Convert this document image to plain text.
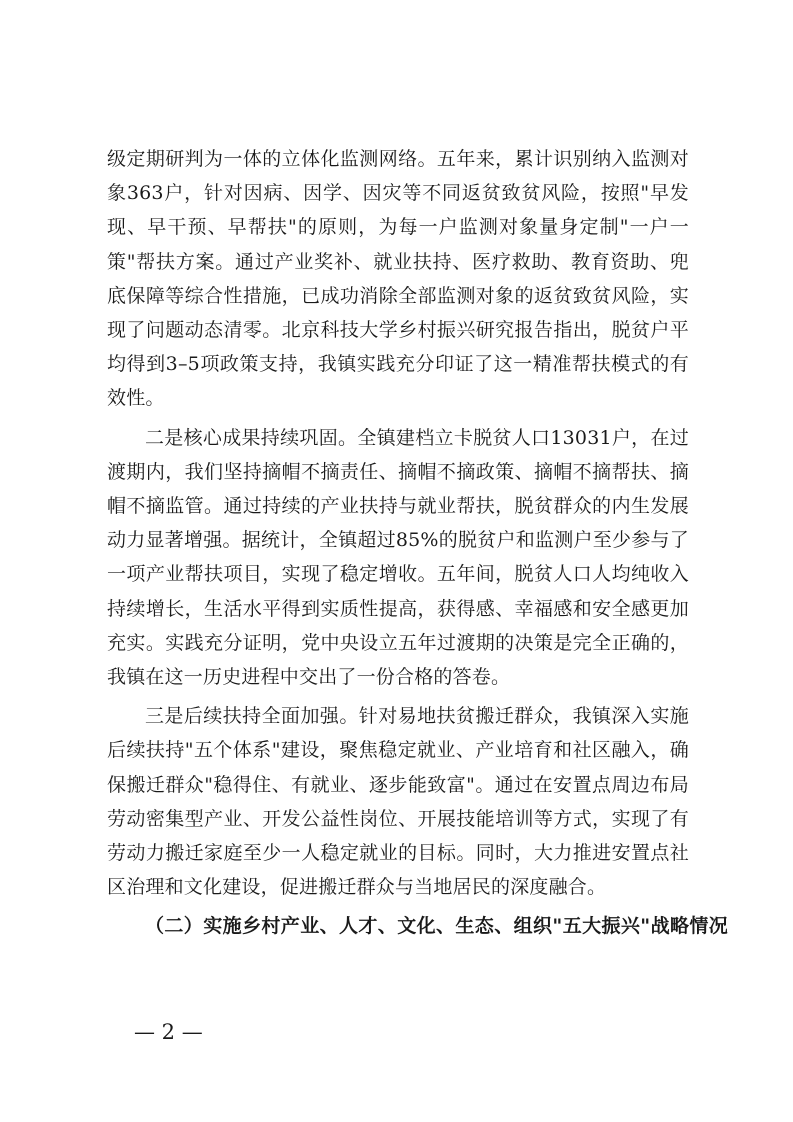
级定期研判为一体的立体化监测网络。五年来，累计识别纳入监测对象363户，针对因病、因学、因灾等不同返贫致贫风险，按照"早发现、早干预、早帮扶"的原则，为每一户监测对象量身定制"一户一策"帮扶方案。通过产业奖补、就业扶持、医疗救助、教育资助、兜底保障等综合性措施，已成功消除全部监测对象的返贫致贫风险，实现了问题动态清零。北京科技大学乡村振兴研究报告指出，脱贫户平均得到3–5项政策支持，我镇实践充分印证了这一精准帮扶模式的有效性。

二是核心成果持续巩固。全镇建档立卡脱贫人口13031户，在过渡期内，我们坚持摘帽不摘责任、摘帽不摘政策、摘帽不摘帮扶、摘帽不摘监管。通过持续的产业扶持与就业帮扶，脱贫群众的内生发展动力显著增强。据统计，全镇超过85%的脱贫户和监测户至少参与了一项产业帮扶项目，实现了稳定增收。五年间，脱贫人口人均纯收入持续增长，生活水平得到实质性提高，获得感、幸福感和安全感更加充实。实践充分证明，党中央设立五年过渡期的决策是完全正确的，我镇在这一历史进程中交出了一份合格的答卷。

三是后续扶持全面加强。针对易地扶贫搬迁群众，我镇深入实施后续扶持"五个体系"建设，聚焦稳定就业、产业培育和社区融入，确保搬迁群众"稳得住、有就业、逐步能致富"。通过在安置点周边布局劳动密集型产业、开发公益性岗位、开展技能培训等方式，实现了有劳动力搬迁家庭至少一人稳定就业的目标。同时，大力推进安置点社区治理和文化建设，促进搬迁群众与当地居民的深度融合。

（二）实施乡村产业、人才、文化、生态、组织"五大振兴"战略情况

— 2 —
